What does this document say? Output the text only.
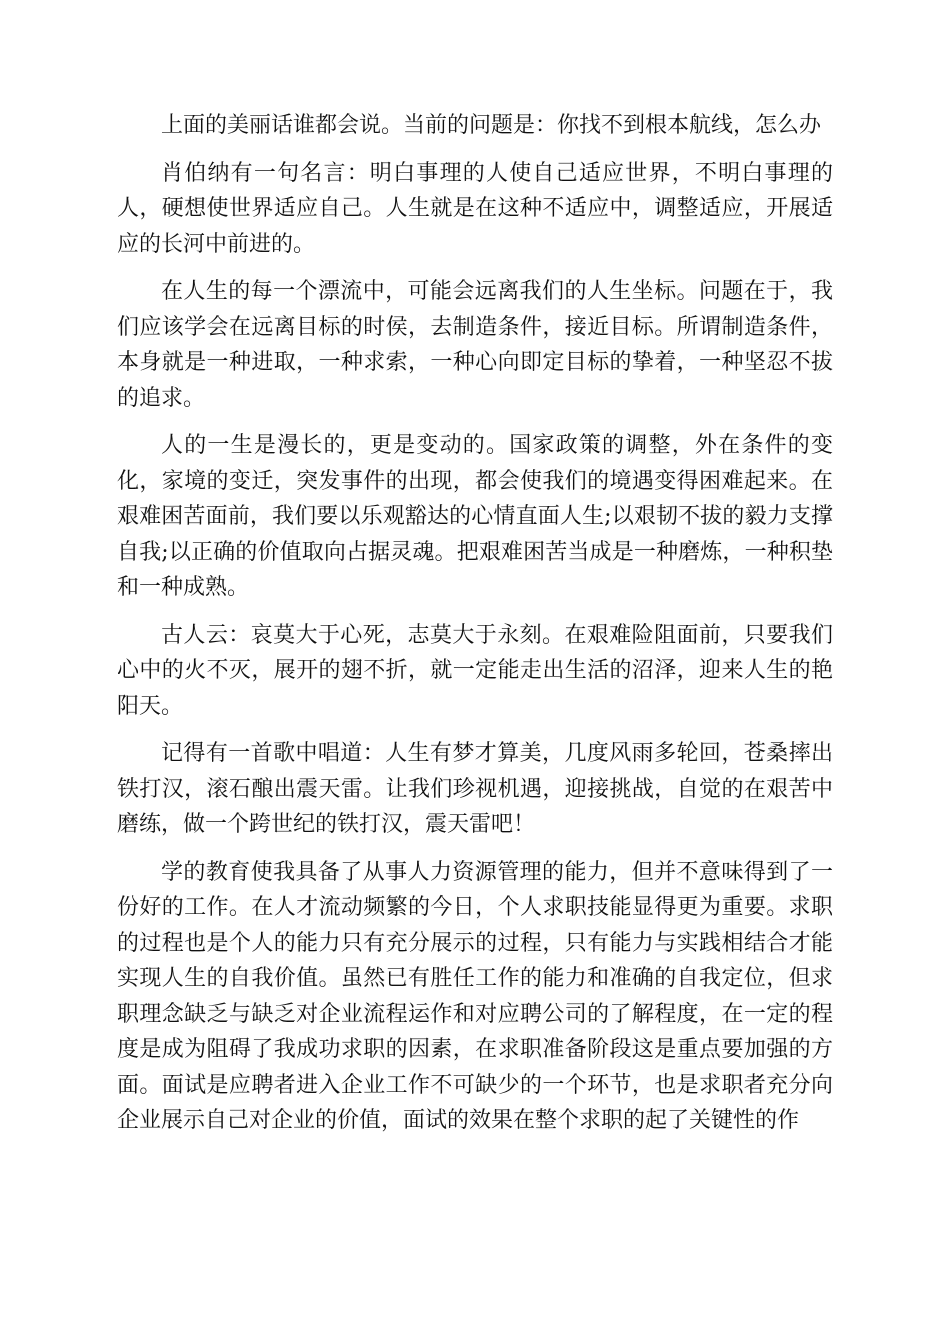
上面的美丽话谁都会说。当前的问题是：你找不到根本航线，怎么办

肖伯纳有一句名言：明白事理的人使自己适应世界，不明白事理的人，硬想使世界适应自己。人生就是在这种不适应中，调整适应，开展适应的长河中前进的。

在人生的每一个漂流中，可能会远离我们的人生坐标。问题在于，我们应该学会在远离目标的时侯，去制造条件，接近目标。所谓制造条件，本身就是一种进取，一种求索，一种心向即定目标的挚着，一种坚忍不拔的追求。

人的一生是漫长的，更是变动的。国家政策的调整，外在条件的变化，家境的变迁，突发事件的出现，都会使我们的境遇变得困难起来。在艰难困苦面前，我们要以乐观豁达的心情直面人生;以艰韧不拔的毅力支撑自我;以正确的价值取向占据灵魂。把艰难困苦当成是一种磨炼，一种积垫和一种成熟。

古人云：哀莫大于心死，志莫大于永刻。在艰难险阻面前，只要我们心中的火不灭，展开的翅不折，就一定能走出生活的沼泽，迎来人生的艳阳天。

记得有一首歌中唱道：人生有梦才算美，几度风雨多轮回，苍桑摔出铁打汉，滚石酿出震天雷。让我们珍视机遇，迎接挑战，自觉的在艰苦中磨练，做一个跨世纪的铁打汉，震天雷吧！

学的教育使我具备了从事人力资源管理的能力，但并不意味得到了一份好的工作。在人才流动频繁的今日，个人求职技能显得更为重要。求职的过程也是个人的能力只有充分展示的过程，只有能力与实践相结合才能实现人生的自我价值。虽然已有胜任工作的能力和准确的自我定位，但求职理念缺乏与缺乏对企业流程运作和对应聘公司的了解程度，在一定的程度是成为阻碍了我成功求职的因素，在求职准备阶段这是重点要加强的方面。面试是应聘者进入企业工作不可缺少的一个环节，也是求职者充分向企业展示自己对企业的价值，面试的效果在整个求职的起了关键性的作
